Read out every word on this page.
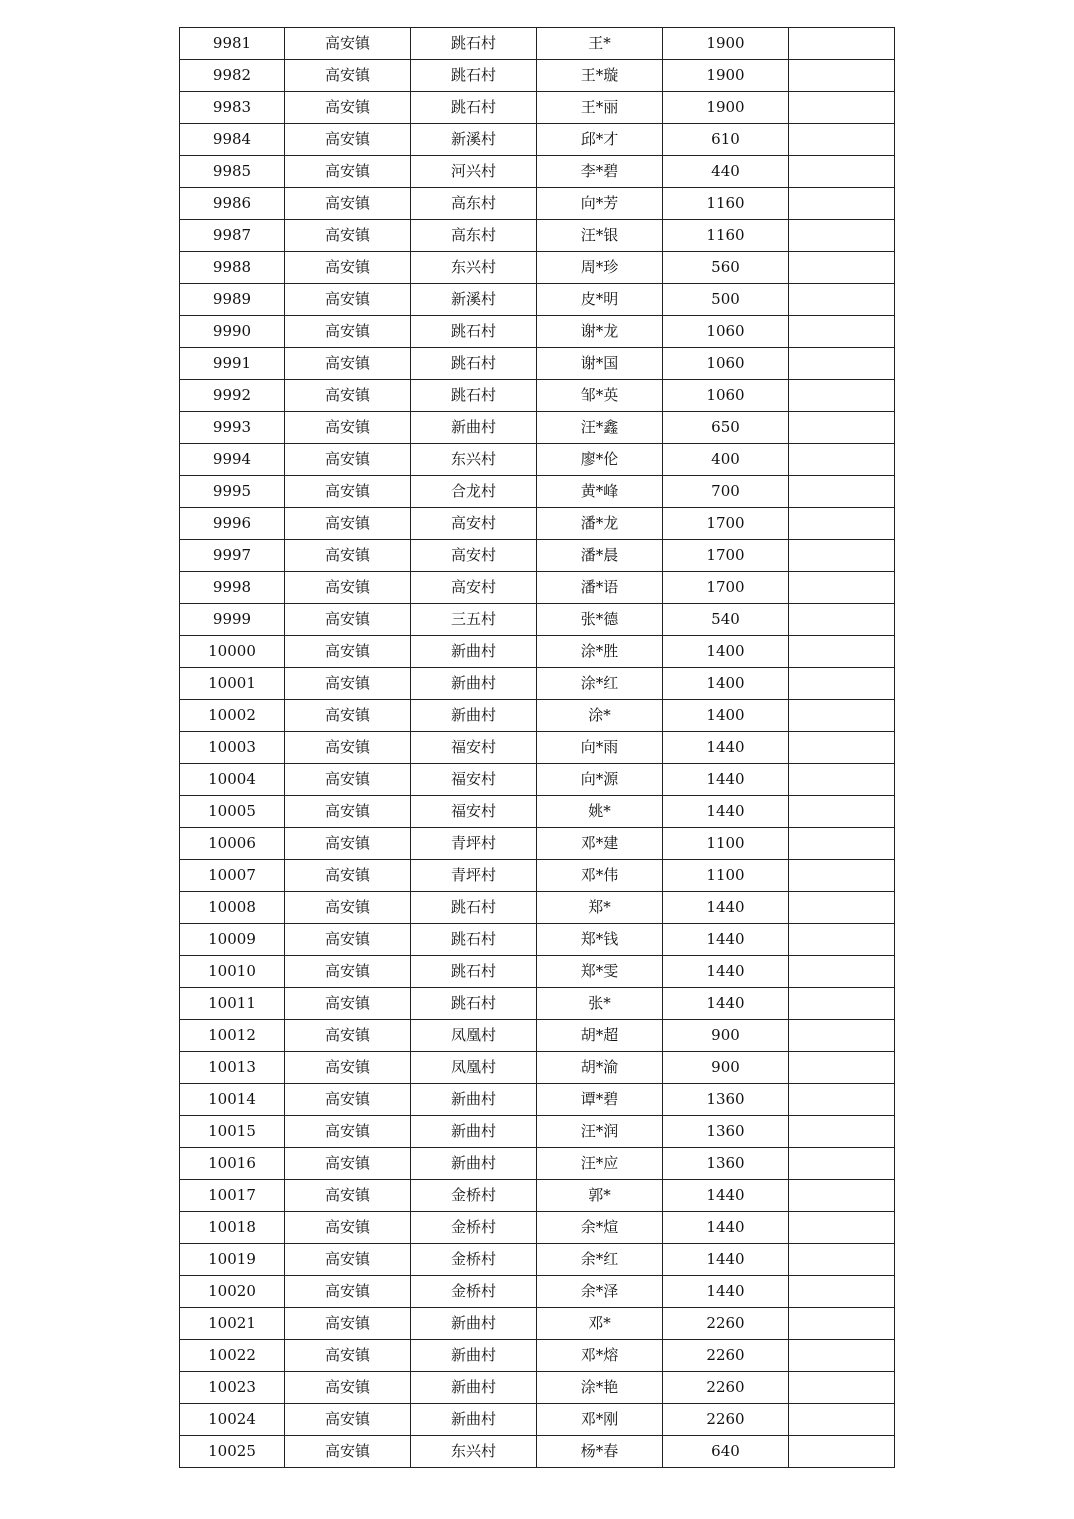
9981	高安镇	跳石村	王*	1900	
9982	高安镇	跳石村	王*璇	1900	
9983	高安镇	跳石村	王*丽	1900	
9984	高安镇	新溪村	邱*才	610	
9985	高安镇	河兴村	李*碧	440	
9986	高安镇	高东村	向*芳	1160	
9987	高安镇	高东村	汪*银	1160	
9988	高安镇	东兴村	周*珍	560	
9989	高安镇	新溪村	皮*明	500	
9990	高安镇	跳石村	谢*龙	1060	
9991	高安镇	跳石村	谢*国	1060	
9992	高安镇	跳石村	邹*英	1060	
9993	高安镇	新曲村	汪*鑫	650	
9994	高安镇	东兴村	廖*伦	400	
9995	高安镇	合龙村	黄*峰	700	
9996	高安镇	高安村	潘*龙	1700	
9997	高安镇	高安村	潘*晨	1700	
9998	高安镇	高安村	潘*语	1700	
9999	高安镇	三五村	张*德	540	
10000	高安镇	新曲村	涂*胜	1400	
10001	高安镇	新曲村	涂*红	1400	
10002	高安镇	新曲村	涂*	1400	
10003	高安镇	福安村	向*雨	1440	
10004	高安镇	福安村	向*源	1440	
10005	高安镇	福安村	姚*	1440	
10006	高安镇	青坪村	邓*建	1100	
10007	高安镇	青坪村	邓*伟	1100	
10008	高安镇	跳石村	郑*	1440	
10009	高安镇	跳石村	郑*钱	1440	
10010	高安镇	跳石村	郑*雯	1440	
10011	高安镇	跳石村	张*	1440	
10012	高安镇	凤凰村	胡*超	900	
10013	高安镇	凤凰村	胡*渝	900	
10014	高安镇	新曲村	谭*碧	1360	
10015	高安镇	新曲村	汪*润	1360	
10016	高安镇	新曲村	汪*应	1360	
10017	高安镇	金桥村	郭*	1440	
10018	高安镇	金桥村	余*煊	1440	
10019	高安镇	金桥村	余*红	1440	
10020	高安镇	金桥村	余*泽	1440	
10021	高安镇	新曲村	邓*	2260	
10022	高安镇	新曲村	邓*熔	2260	
10023	高安镇	新曲村	涂*艳	2260	
10024	高安镇	新曲村	邓*刚	2260	
10025	高安镇	东兴村	杨*春	640	
